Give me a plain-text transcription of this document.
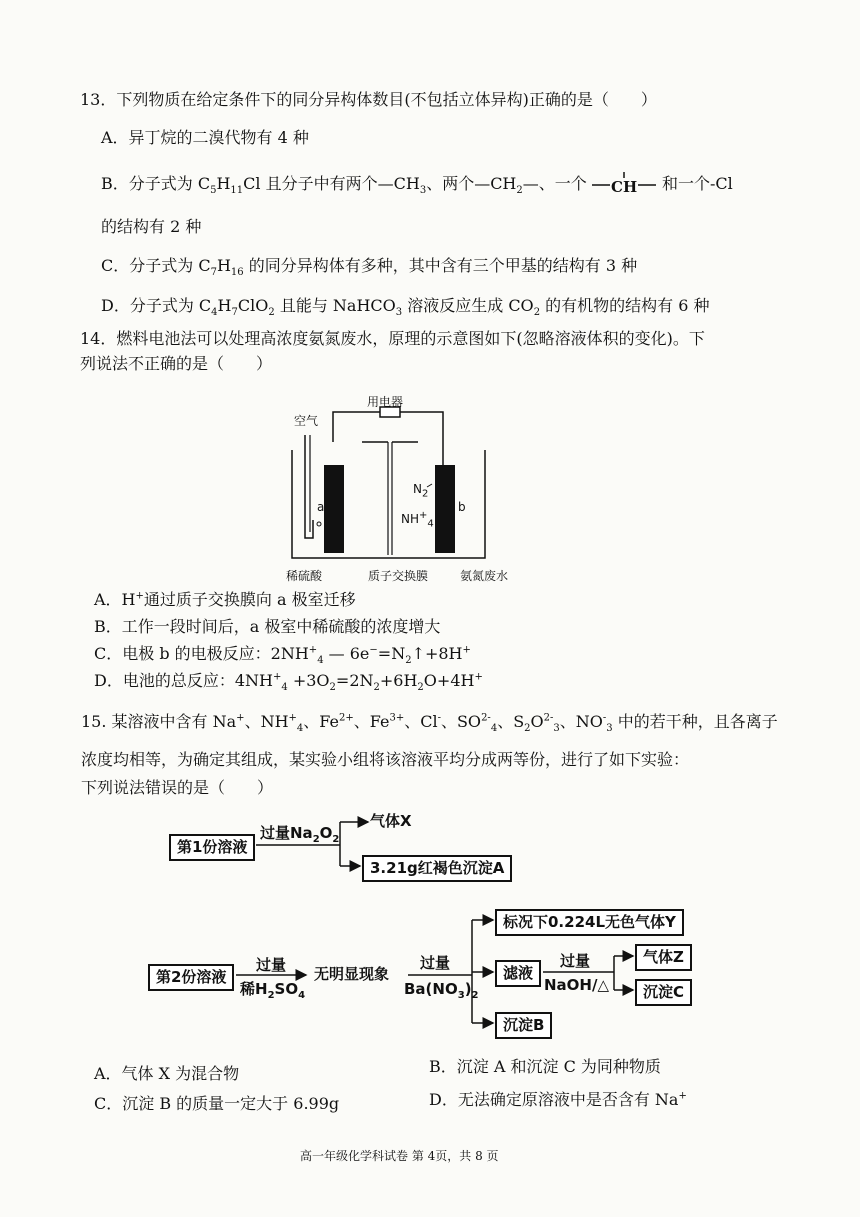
13．下列物质在给定条件下的同分异构体数目(不包括立体异构)正确的是（　　）
A．异丁烷的二溴代物有 4 种
B．分子式为 $C_5H_{11}Cl$ 且分子中有两个$—CH_3$、两个$—CH_2—$、一个 CH 和一个-Cl
的结构有 2 种
C．分子式为 $C_7H_{16}$ 的同分异构体有多种，其中含有三个甲基的结构有 3 种
D．分子式为 $C_4H_7ClO_2$ 且能与 NaHCO$_3$ 溶液反应生成 $CO_2$ 的有机物的结构有 6 种
14．燃料电池法可以处理高浓度氨氮废水，原理的示意图如下(忽略溶液体积的变化)。下
列说法不正确的是（　　）
用电器
空气
a	b
$N_2$
$NH^+_4$
稀硫酸	质子交换膜	氨氮废水
A．H+通过质子交换膜向 a 极室迁移
B．工作一段时间后，a 极室中稀硫酸的浓度增大
C．电极 b 的电极反应：$2NH^+_4$ — $6e^-=N_2↑+8H^+$
D．电池的总反应：$4NH^+_4 +3O_2=2N_2+6H_2O+4H^+$
15. 某溶液中含有 Na+、$NH^+_4$、$Fe^{2+}$、$Fe^{3+}$、Cl-、$SO^{2-}_4$、$S_2O^{2-}_3$、$NO^-_3$ 中的若干种，且各离子
浓度均相等，为确定其组成，某实验小组将该溶液平均分成两等份，进行了如下实验：
下列说法错误的是（　　）
第1份溶液
过量$Na_2O_2$
气体X
3.21g红褐色沉淀A
第2份溶液
过量
稀$H_2SO_4$
无明显现象
过量
$Ba(NO_3)_2$
标况下0.224L无色气体Y
滤液
过量
NaOH/△
气体Z
沉淀C
沉淀B
A．气体 X 为混合物	B．沉淀 A 和沉淀 C 为同种物质
C．沉淀 B 的质量一定大于 6.99g	D．无法确定原溶液中是否含有 Na+
高一年级化学科试卷 第 4页，共 8 页
